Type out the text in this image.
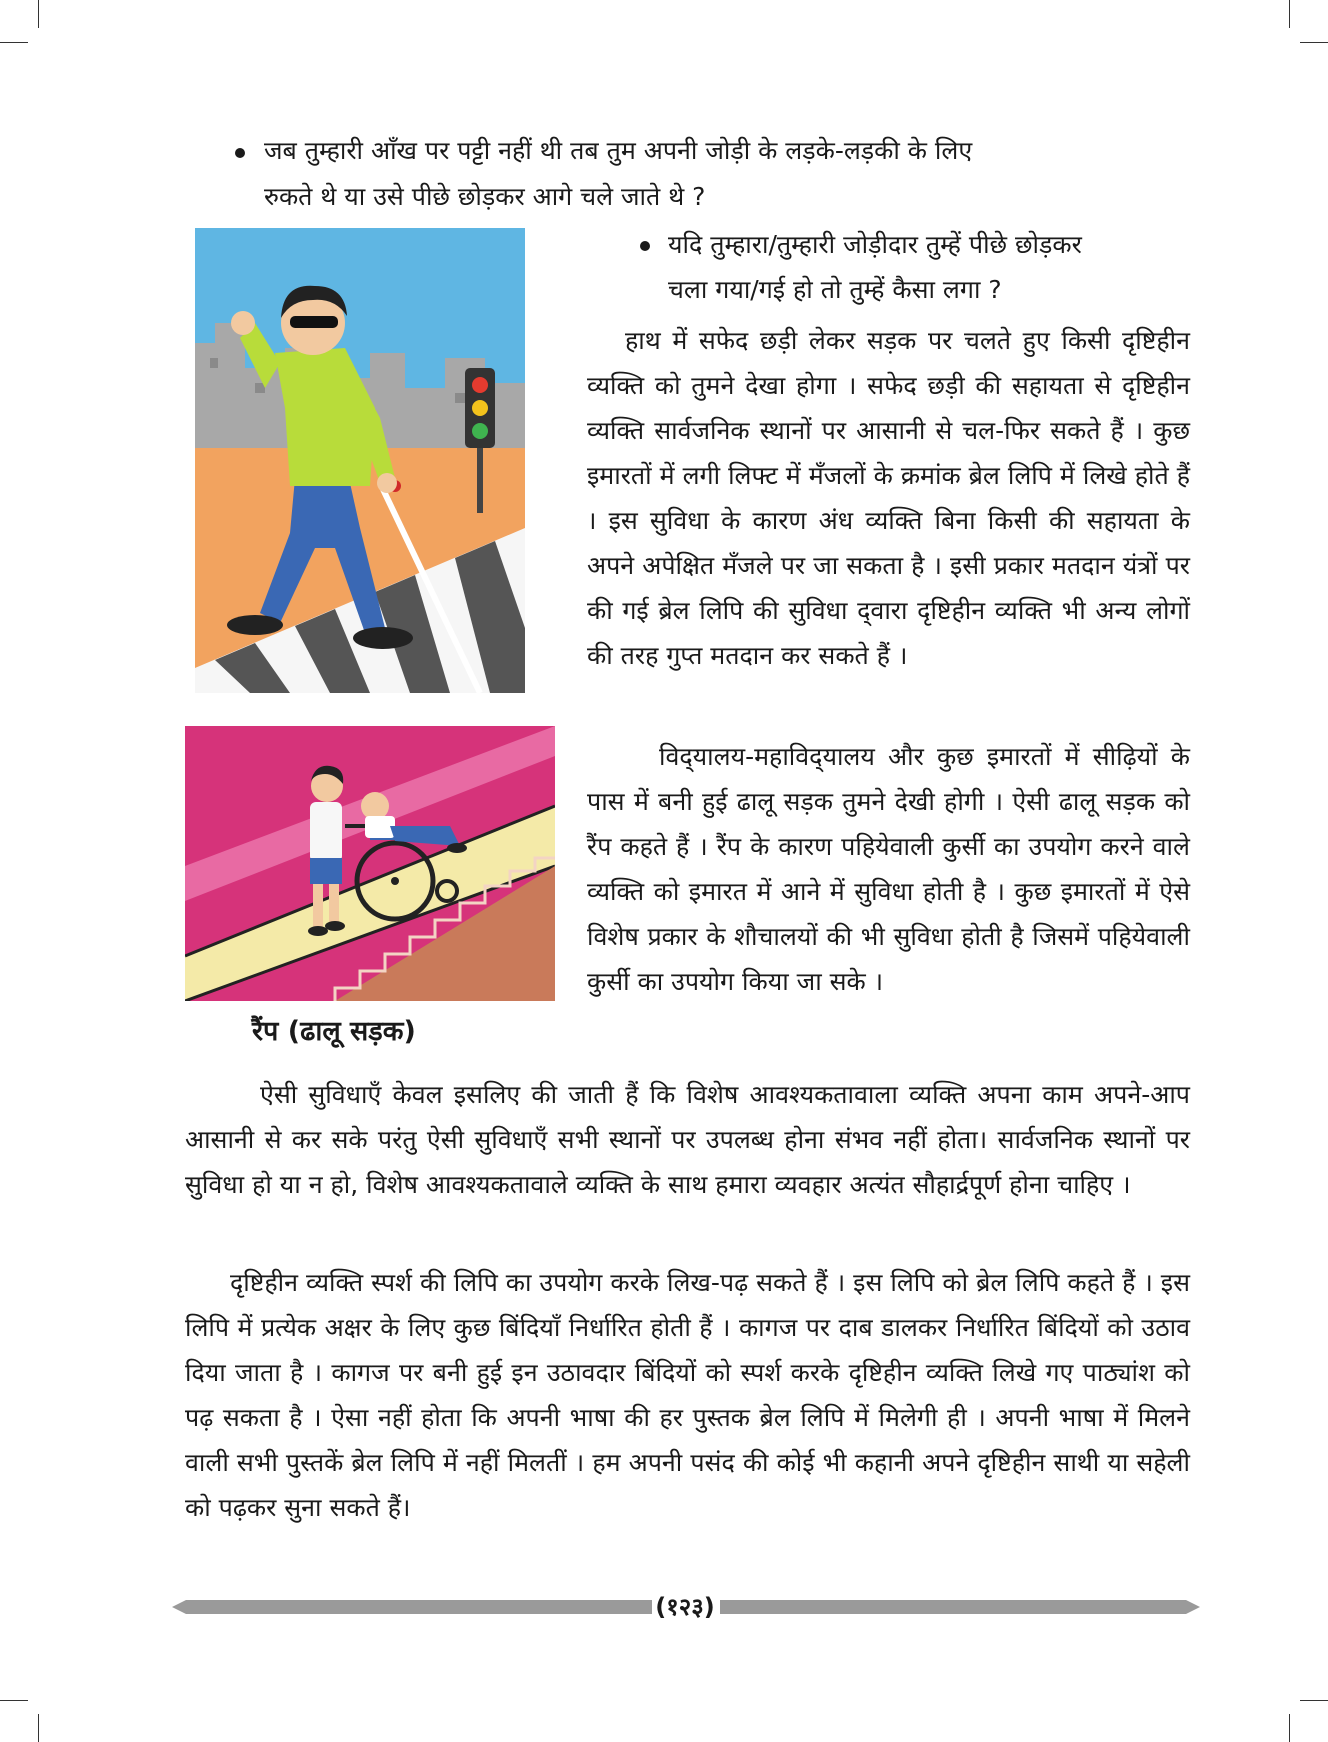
जब तुम्हारी आँख पर पट्टी नहीं थी तब तुम अपनी जोड़ी के लड़के-लड़की के लिए
रुकते थे या उसे पीछे छोड़कर आगे चले जाते थे ?
यदि तुम्हारा/तुम्हारी जोड़ीदार तुम्हें पीछे छोड़कर
चला गया/गई हो तो तुम्हें कैसा लगा ?
हाथ में सफेद छड़ी लेकर सड़क पर चलते हुए किसी दृष्टिहीन व्यक्ति को तुमने देखा होगा । सफेद छड़ी की सहायता से दृष्टिहीन व्यक्ति सार्वजनिक स्थानों पर आसानी से चल-फिर सकते हैं । कुछ इमारतों में लगी लिफ्ट में मँजलों के क्रमांक ब्रेल लिपि में लिखे होते हैं । इस सुविधा के कारण अंध व्यक्ति बिना किसी की सहायता के अपने अपेक्षित मँजले पर जा सकता है । इसी प्रकार मतदान यंत्रों पर की गई ब्रेल लिपि की सुविधा द्‌वारा दृष्टिहीन व्यक्ति भी अन्य लोगों की तरह गुप्त मतदान कर सकते हैं ।
विद्‌यालय-महाविद्‌यालय और कुछ इमारतों में सीढ़ियों के पास में बनी हुई ढालू सड़क तुमने देखी होगी । ऐसी ढालू सड़क को रैंप कहते हैं । रैंप के कारण पहियेवाली कुर्सी का उपयोग करने वाले व्यक्ति को इमारत में आने में सुविधा होती है । कुछ इमारतों में ऐसे विशेष प्रकार के शौचालयों की भी सुविधा होती है जिसमें पहियेवाली कुर्सी का उपयोग किया जा सके ।
रैंप (ढालू सड़क)
ऐसी सुविधाएँ केवल इसलिए की जाती हैं कि विशेष आवश्यकतावाला व्यक्ति अपना काम अपने-आप आसानी से कर सके परंतु ऐसी सुविधाएँ सभी स्थानों पर उपलब्ध होना संभव नहीं होता। सार्वजनिक स्थानों पर सुविधा हो या न हो, विशेष आवश्यकतावाले व्यक्ति के साथ हमारा व्यवहार अत्यंत सौहार्द्रपूर्ण होना चाहिए ।
दृष्टिहीन व्यक्ति स्पर्श की लिपि का उपयोग करके लिख-पढ़ सकते हैं । इस लिपि को ब्रेल लिपि कहते हैं । इस लिपि में प्रत्येक अक्षर के लिए कुछ बिंदियाँ निर्धारित होती हैं । कागज पर दाब डालकर निर्धारित बिंदियों को उठाव दिया जाता है । कागज पर बनी हुई इन उठावदार बिंदियों को स्पर्श करके दृष्टिहीन व्यक्ति लिखे गए पाठ्यांश को पढ़ सकता है । ऐसा नहीं होता कि अपनी भाषा की हर पुस्तक ब्रेल लिपि में मिलेगी ही । अपनी भाषा में मिलने वाली सभी पुस्तकें ब्रेल लिपि में नहीं मिलतीं । हम अपनी पसंद की कोई भी कहानी अपने दृष्टिहीन साथी या सहेली को पढ़कर सुना सकते हैं।
(१२३)
